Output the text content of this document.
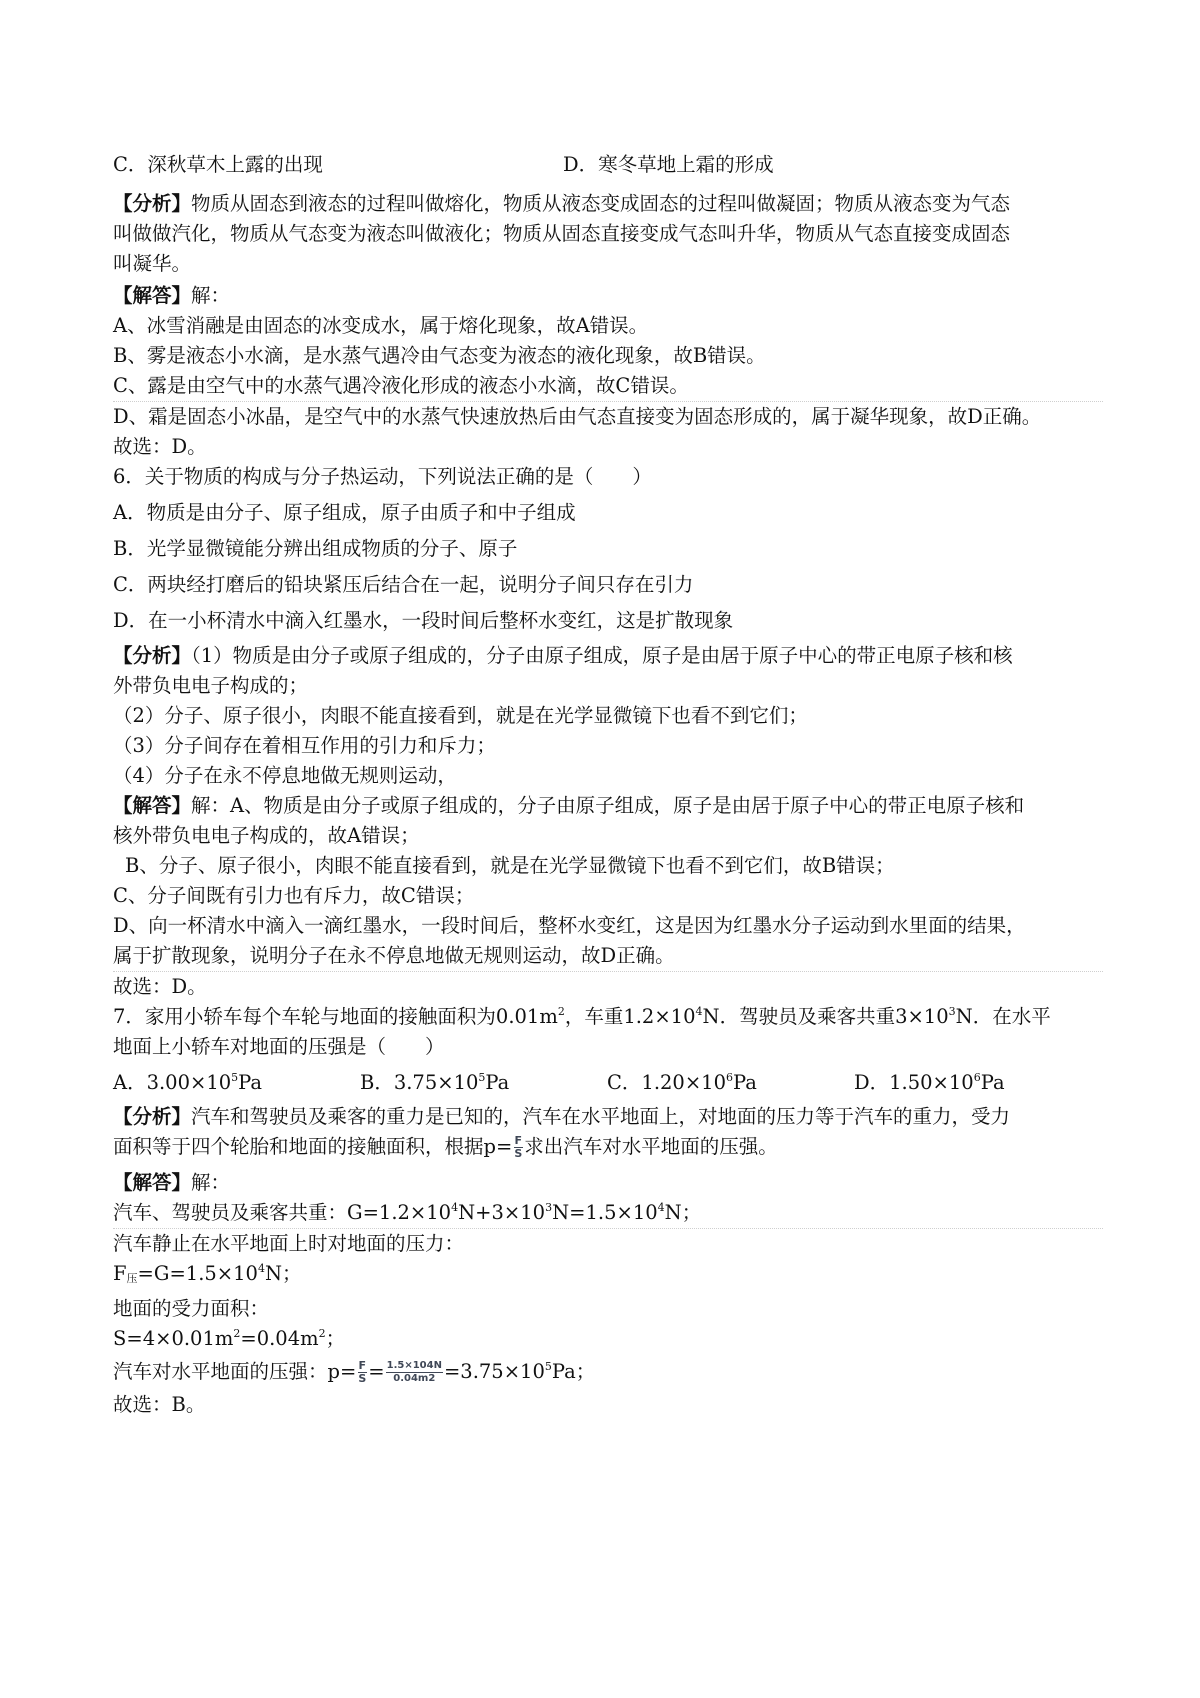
C．深秋草木上露的出现	D．寒冬草地上霜的形成
【分析】物质从固态到液态的过程叫做熔化，物质从液态变成固态的过程叫做凝固；物质从液态变为气态
叫做做汽化，物质从气态变为液态叫做液化；物质从固态直接变成气态叫升华，物质从气态直接变成固态
叫凝华。
【解答】解：
A、冰雪消融是由固态的冰变成水，属于熔化现象，故A错误。
B、雾是液态小水滴，是水蒸气遇冷由气态变为液态的液化现象，故B错误。
C、露是由空气中的水蒸气遇冷液化形成的液态小水滴，故C错误。
D、霜是固态小冰晶，是空气中的水蒸气快速放热后由气态直接变为固态形成的，属于凝华现象，故D正确。
故选：D。
6．关于物质的构成与分子热运动，下列说法正确的是（　　）
A．物质是由分子、原子组成，原子由质子和中子组成
B．光学显微镜能分辨出组成物质的分子、原子
C．两块经打磨后的铅块紧压后结合在一起，说明分子间只存在引力
D．在一小杯清水中滴入红墨水，一段时间后整杯水变红，这是扩散现象
【分析】（1）物质是由分子或原子组成的，分子由原子组成，原子是由居于原子中心的带正电原子核和核
外带负电电子构成的；
（2）分子、原子很小，肉眼不能直接看到，就是在光学显微镜下也看不到它们；
（3）分子间存在着相互作用的引力和斥力；
（4）分子在永不停息地做无规则运动，
【解答】解：A、物质是由分子或原子组成的，分子由原子组成，原子是由居于原子中心的带正电原子核和
核外带负电电子构成的，故A错误；
B、分子、原子很小，肉眼不能直接看到，就是在光学显微镜下也看不到它们，故B错误；
C、分子间既有引力也有斥力，故C错误；
D、向一杯清水中滴入一滴红墨水，一段时间后，整杯水变红，这是因为红墨水分子运动到水里面的结果，
属于扩散现象，说明分子在永不停息地做无规则运动，故D正确。
故选：D。
7．家用小轿车每个车轮与地面的接触面积为$0.01m^2$，车重$1.2\times 10^4N$．驾驶员及乘客共重$3\times 10^3N$．在水平
地面上小轿车对地面的压强是（　　）
A．$3.00\times 10^5Pa$	B．$3.75\times 10^5Pa$	C．$1.20\times 10^6Pa$	D．$1.50\times 10^6Pa$
【分析】汽车和驾驶员及乘客的重力是已知的，汽车在水平地面上，对地面的压力等于汽车的重力，受力
面积等于四个轮胎和地面的接触面积，根据$p= \frac{F}{S}$ 求出汽车对水平地面的压强。
【解答】解：
汽车、驾驶员及乘客共重：$G=1.2\times 10^4N+3\times 10^3N=1.5\times 10^4N$；
汽车静止在水平地面上时对地面的压力：
$F_压=G=1.5\times 10^4N$；
地面的受力面积：
$S=4\times 0.01m^2=0.04m^2$；
汽车对水平地面的压强：$p= \frac{F}{S} = \frac{1.5\times 104N}{0.04m2} =3.75\times 10^5Pa$；
故选：B。
